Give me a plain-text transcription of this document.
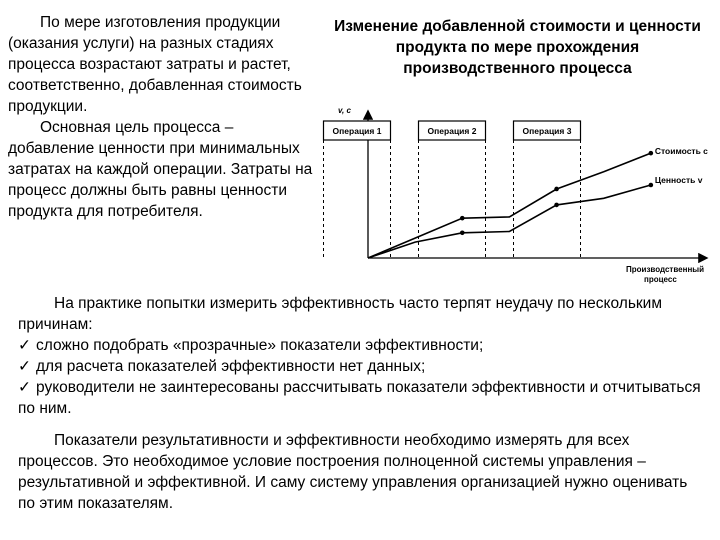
По мере изготовления продукции (оказания услуги) на разных стадиях процесса возрастают затраты и растет, соответственно, добавленная стоимость продукции.

Основная цель процесса – добавление ценности при минимальных затратах на каждой операции. Затраты на процесс должны быть равны ценности продукта для потребителя.

Изменение добавленной стоимости и ценности продукта по мере прохождения производственного процесса
v, c
Производственный
процесс
Операция 1	Операция 2	Операция 3
Стоимость с
Ценность v

На практике попытки измерить эффективность часто терпят неудачу по нескольким причинам:

✓ сложно подобрать «прозрачные» показатели эффективности;

✓ для расчета показателей эффективности нет данных;

✓ руководители не заинтересованы рассчитывать показатели эффективности и отчитываться по ним.

Показатели результативности и эффективности необходимо измерять для всех процессов. Это необходимое условие построения полноценной системы управления – результативной и эффективной. И саму систему управления организацией нужно оценивать по этим показателям.
